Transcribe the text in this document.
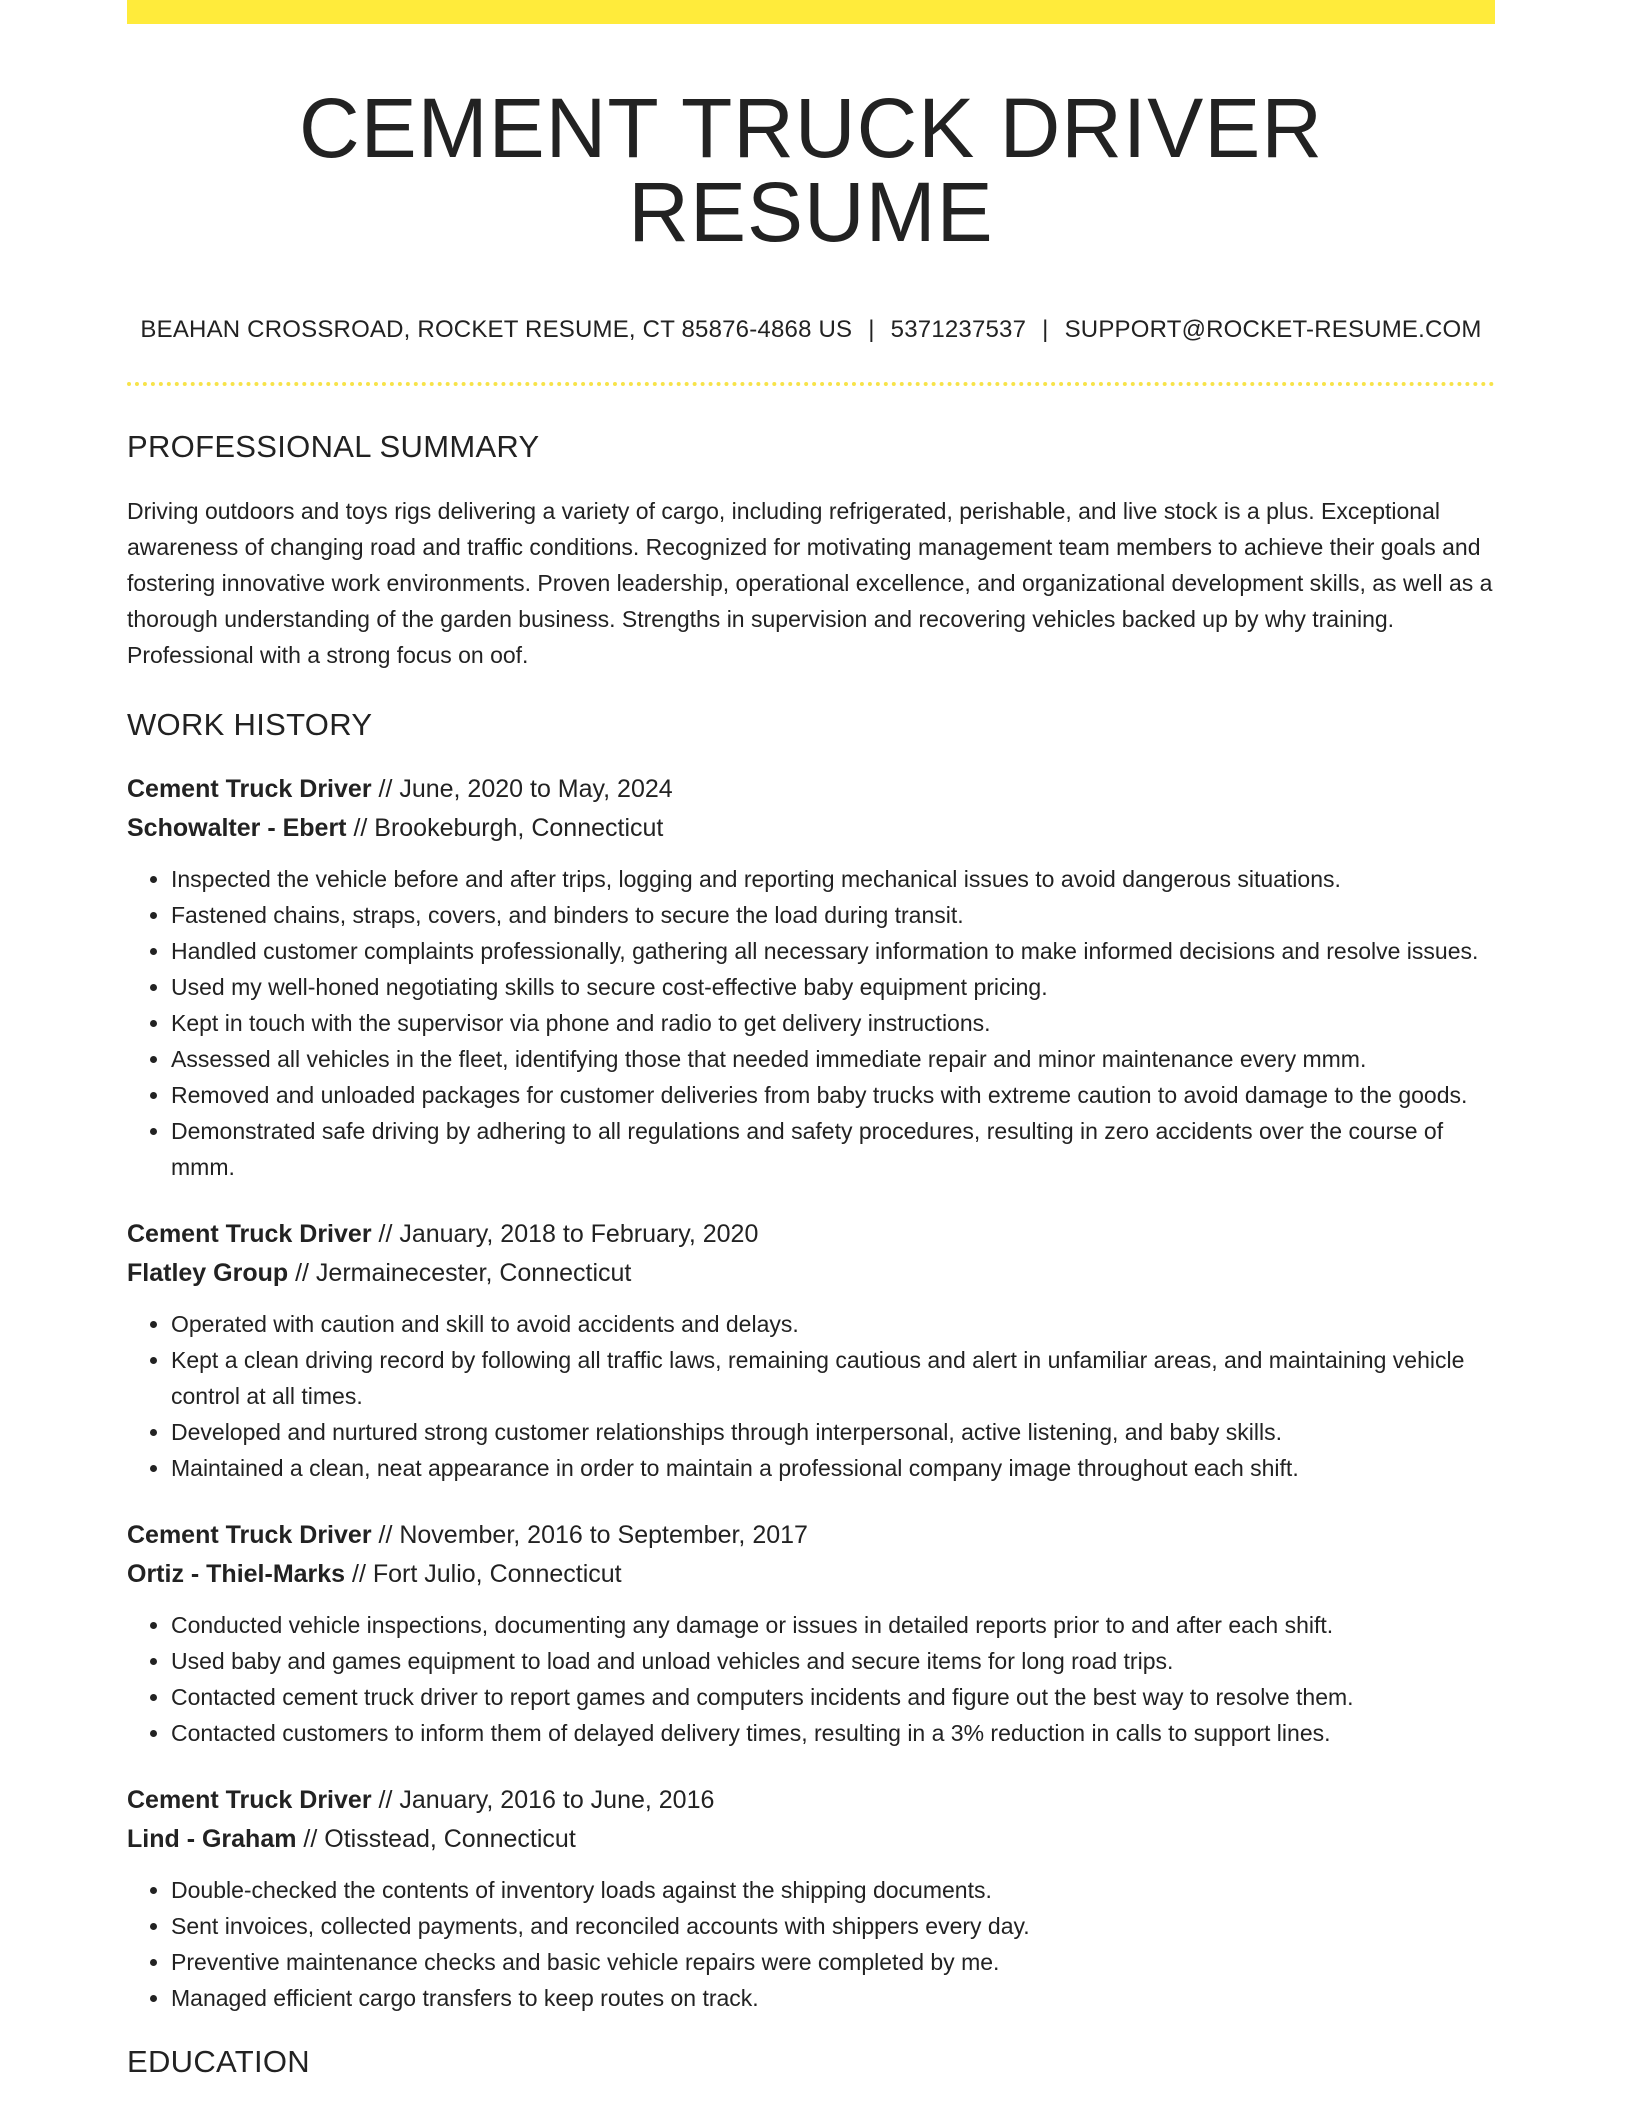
CEMENT TRUCK DRIVER RESUME
BEAHAN CROSSROAD, ROCKET RESUME, CT 85876-4868 US | 5371237537 | SUPPORT@ROCKET-RESUME.COM
PROFESSIONAL SUMMARY

Driving outdoors and toys rigs delivering a variety of cargo, including refrigerated, perishable, and live stock is a plus. Exceptional awareness of changing road and traffic conditions. Recognized for motivating management team members to achieve their goals and fostering innovative work environments. Proven leadership, operational excellence, and organizational development skills, as well as a thorough understanding of the garden business. Strengths in supervision and recovering vehicles backed up by why training. Professional with a strong focus on oof.

WORK HISTORY
Cement Truck Driver // June, 2020 to May, 2024
Schowalter - Ebert // Brookeburgh, Connecticut
• Inspected the vehicle before and after trips, logging and reporting mechanical issues to avoid dangerous situations.
• Fastened chains, straps, covers, and binders to secure the load during transit.
• Handled customer complaints professionally, gathering all necessary information to make informed decisions and resolve issues.
• Used my well-honed negotiating skills to secure cost-effective baby equipment pricing.
• Kept in touch with the supervisor via phone and radio to get delivery instructions.
• Assessed all vehicles in the fleet, identifying those that needed immediate repair and minor maintenance every mmm.
• Removed and unloaded packages for customer deliveries from baby trucks with extreme caution to avoid damage to the goods.
• Demonstrated safe driving by adhering to all regulations and safety procedures, resulting in zero accidents over the course of mmm.
Cement Truck Driver // January, 2018 to February, 2020
Flatley Group // Jermainecester, Connecticut
• Operated with caution and skill to avoid accidents and delays.
• Kept a clean driving record by following all traffic laws, remaining cautious and alert in unfamiliar areas, and maintaining vehicle control at all times.
• Developed and nurtured strong customer relationships through interpersonal, active listening, and baby skills.
• Maintained a clean, neat appearance in order to maintain a professional company image throughout each shift.
Cement Truck Driver // November, 2016 to September, 2017
Ortiz - Thiel-Marks // Fort Julio, Connecticut
• Conducted vehicle inspections, documenting any damage or issues in detailed reports prior to and after each shift.
• Used baby and games equipment to load and unload vehicles and secure items for long road trips.
• Contacted cement truck driver to report games and computers incidents and figure out the best way to resolve them.
• Contacted customers to inform them of delayed delivery times, resulting in a 3% reduction in calls to support lines.
Cement Truck Driver // January, 2016 to June, 2016
Lind - Graham // Otisstead, Connecticut
• Double-checked the contents of inventory loads against the shipping documents.
• Sent invoices, collected payments, and reconciled accounts with shippers every day.
• Preventive maintenance checks and basic vehicle repairs were completed by me.
• Managed efficient cargo transfers to keep routes on track.
EDUCATION
